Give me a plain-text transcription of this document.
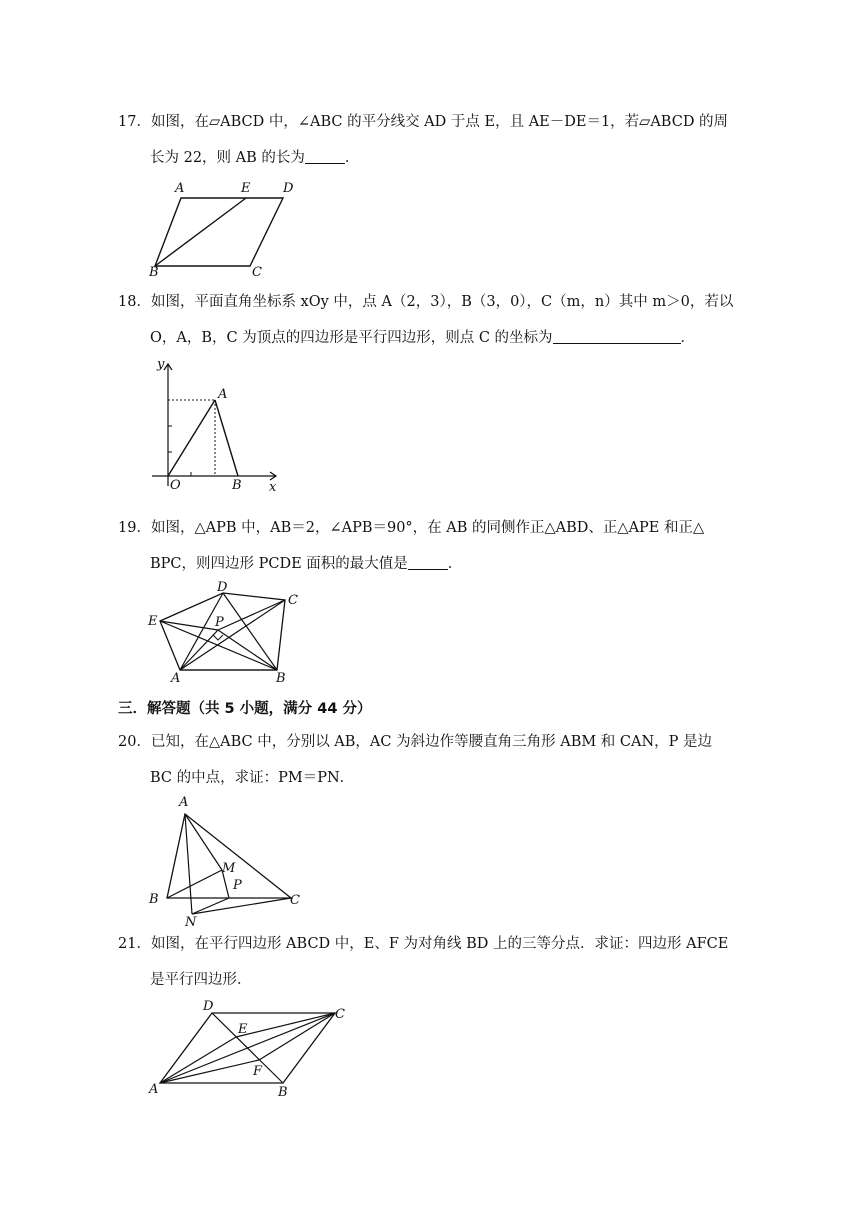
17．如图，在▱ABCD 中，∠ABC 的平分线交 AD 于点 E，且 AE－DE＝1，若▱ABCD 的周
长为 22，则 AB 的长为	．
A	E	D
B	C
18．如图，平面直角坐标系 xOy 中，点 A（2，3），B（3，0），C（m，n）其中 m＞0，若以
O，A，B，C 为顶点的四边形是平行四边形，则点 C 的坐标为	．
y
A
O	B x
19．如图，△APB 中，AB＝2，∠APB＝90°，在 AB 的同侧作正△ABD、正△APE 和正△
BPC，则四边形 PCDE 面积的最大值是	．
D
C
E	P
A	B
三．解答题（共 5 小题，满分 44 分）
20．已知，在△ABC 中，分别以 AB，AC 为斜边作等腰直角三角形 ABM 和 CAN，P 是边
BC 的中点，求证：PM＝PN．
A
M
P
B	C
N
21．如图，在平行四边形 ABCD 中，E、F 为对角线 BD 上的三等分点．求证：四边形 AFCE
是平行四边形．
D
E
C
F
A	B
